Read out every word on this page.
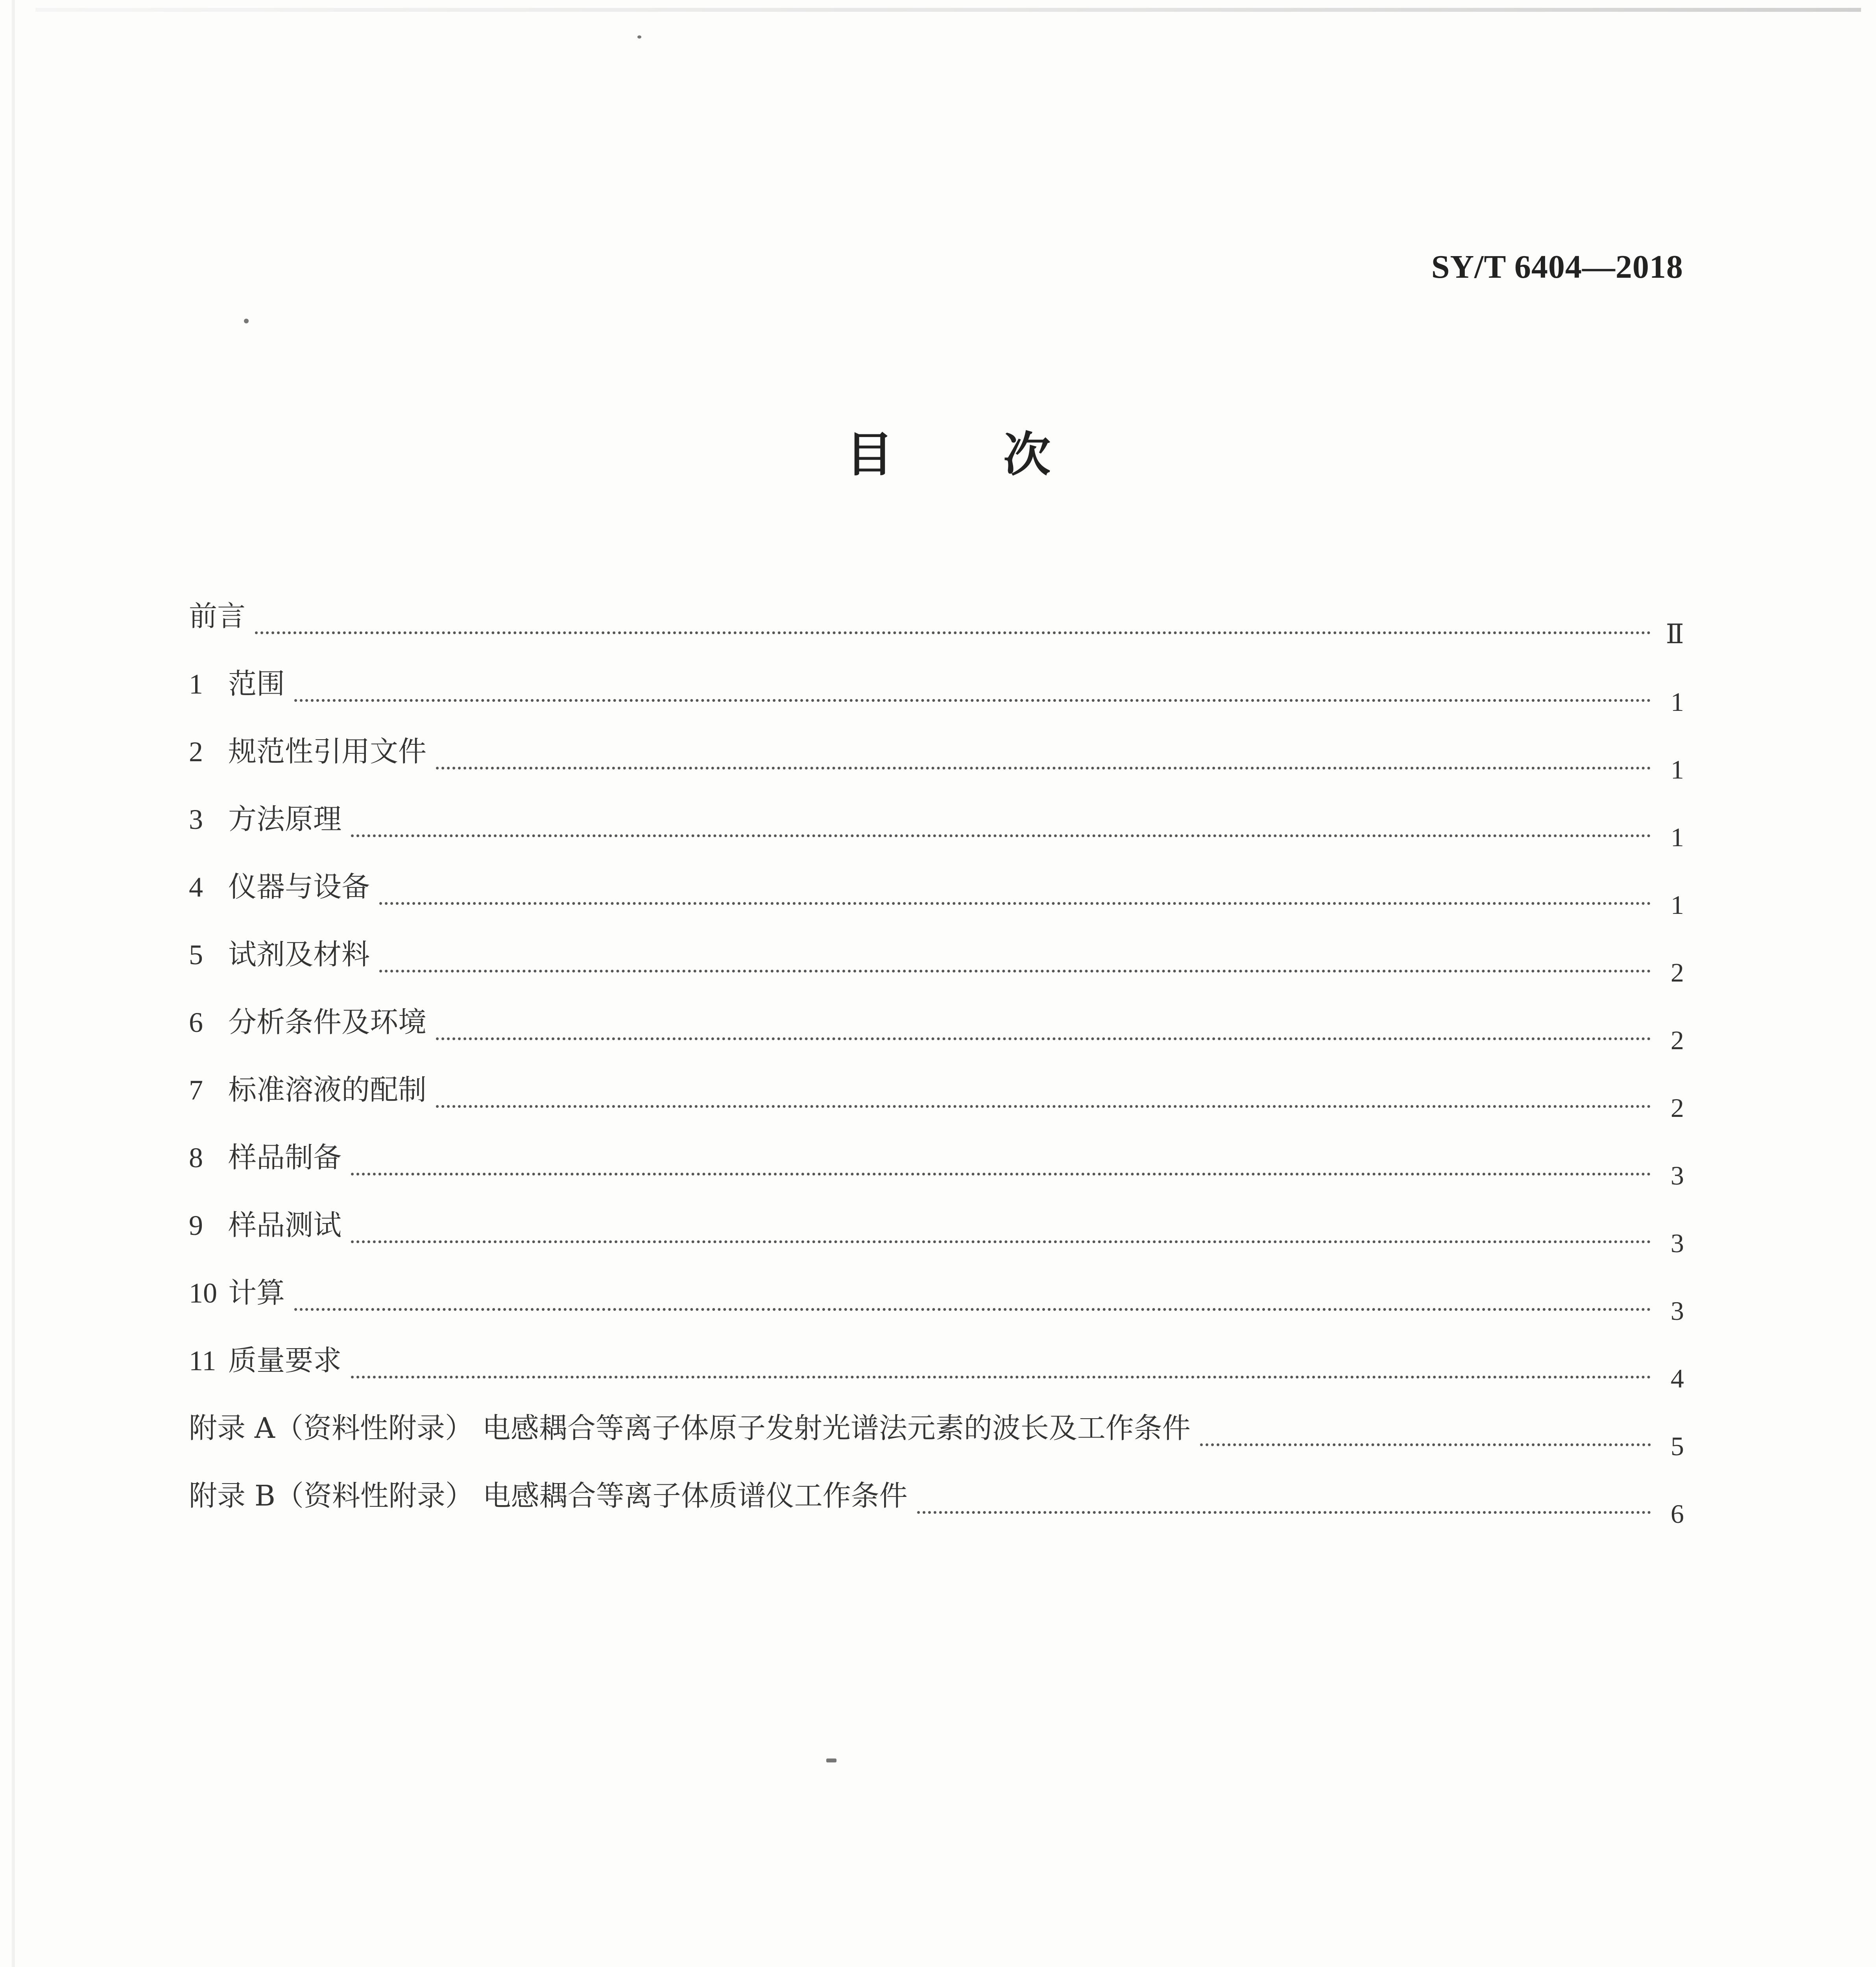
SY/T 6404—2018
目 次
前言
Ⅱ
1 范围
1
2 规范性引用文件
1
3 方法原理
1
4 仪器与设备
1
5 试剂及材料
2
6 分析条件及环境
2
7 标准溶液的配制
2
8 样品制备
3
9 样品测试
3
10 计算
3
11 质量要求
4
附录 A（资料性附录） 电感耦合等离子体原子发射光谱法元素的波长及工作条件
5
附录 B（资料性附录） 电感耦合等离子体质谱仪工作条件
6
